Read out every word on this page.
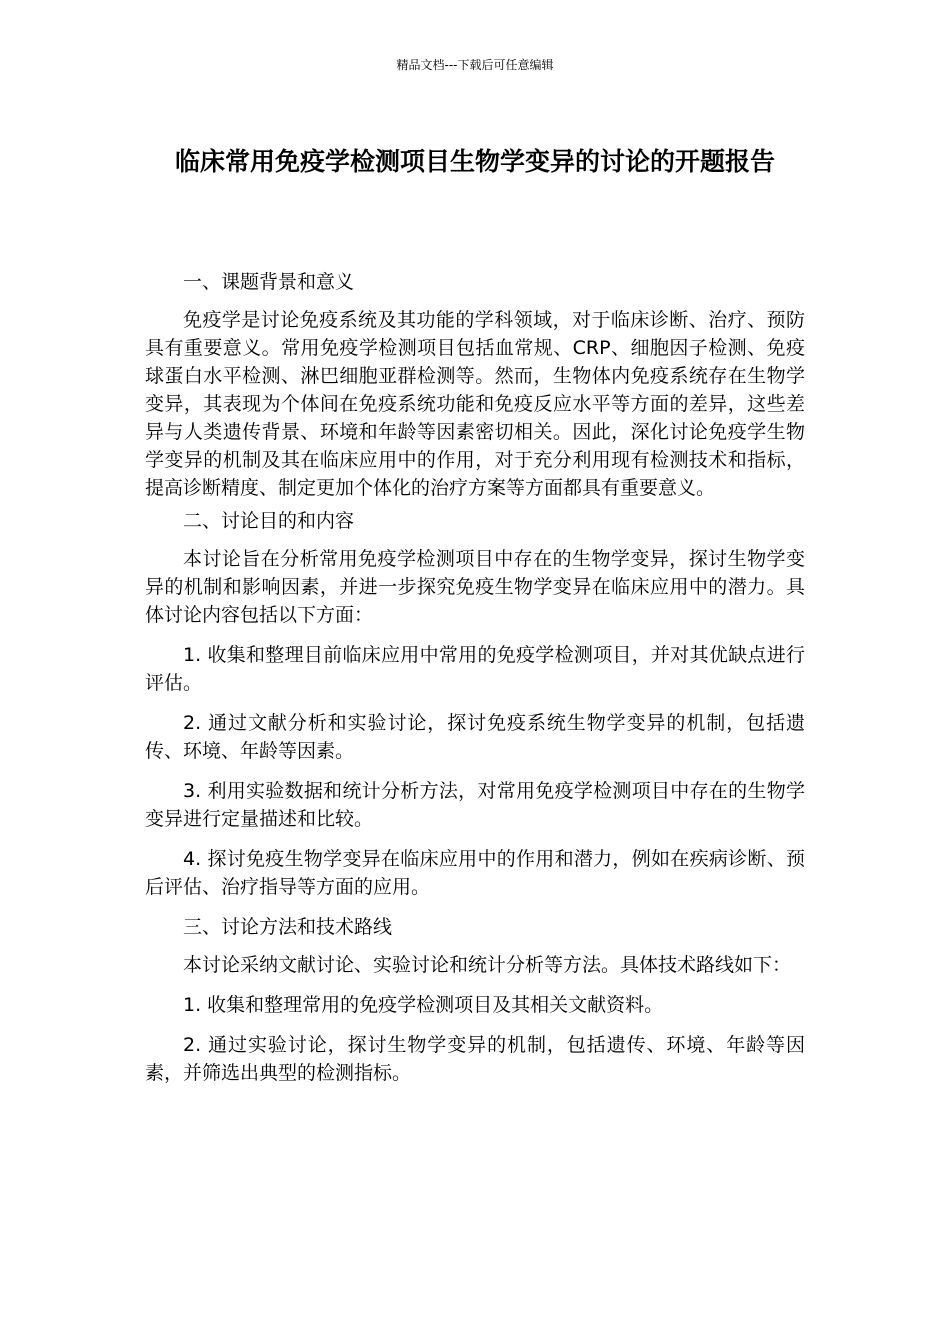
精品文档---下载后可任意编辑
临床常用免疫学检测项目生物学变异的讨论的开题报告

一、课题背景和意义

免疫学是讨论免疫系统及其功能的学科领域，对于临床诊断、治疗、预防具有重要意义。常用免疫学检测项目包括血常规、CRP、细胞因子检测、免疫球蛋白水平检测、淋巴细胞亚群检测等。然而，生物体内免疫系统存在生物学变异，其表现为个体间在免疫系统功能和免疫反应水平等方面的差异，这些差异与人类遗传背景、环境和年龄等因素密切相关。因此，深化讨论免疫学生物学变异的机制及其在临床应用中的作用，对于充分利用现有检测技术和指标，提高诊断精度、制定更加个体化的治疗方案等方面都具有重要意义。

二、讨论目的和内容

本讨论旨在分析常用免疫学检测项目中存在的生物学变异，探讨生物学变异的机制和影响因素，并进一步探究免疫生物学变异在临床应用中的潜力。具体讨论内容包括以下方面：

1. 收集和整理目前临床应用中常用的免疫学检测项目，并对其优缺点进行评估。

2. 通过文献分析和实验讨论，探讨免疫系统生物学变异的机制，包括遗传、环境、年龄等因素。

3. 利用实验数据和统计分析方法，对常用免疫学检测项目中存在的生物学变异进行定量描述和比较。

4. 探讨免疫生物学变异在临床应用中的作用和潜力，例如在疾病诊断、预后评估、治疗指导等方面的应用。

三、讨论方法和技术路线

本讨论采纳文献讨论、实验讨论和统计分析等方法。具体技术路线如下：

1. 收集和整理常用的免疫学检测项目及其相关文献资料。

2. 通过实验讨论，探讨生物学变异的机制，包括遗传、环境、年龄等因素，并筛选出典型的检测指标。
